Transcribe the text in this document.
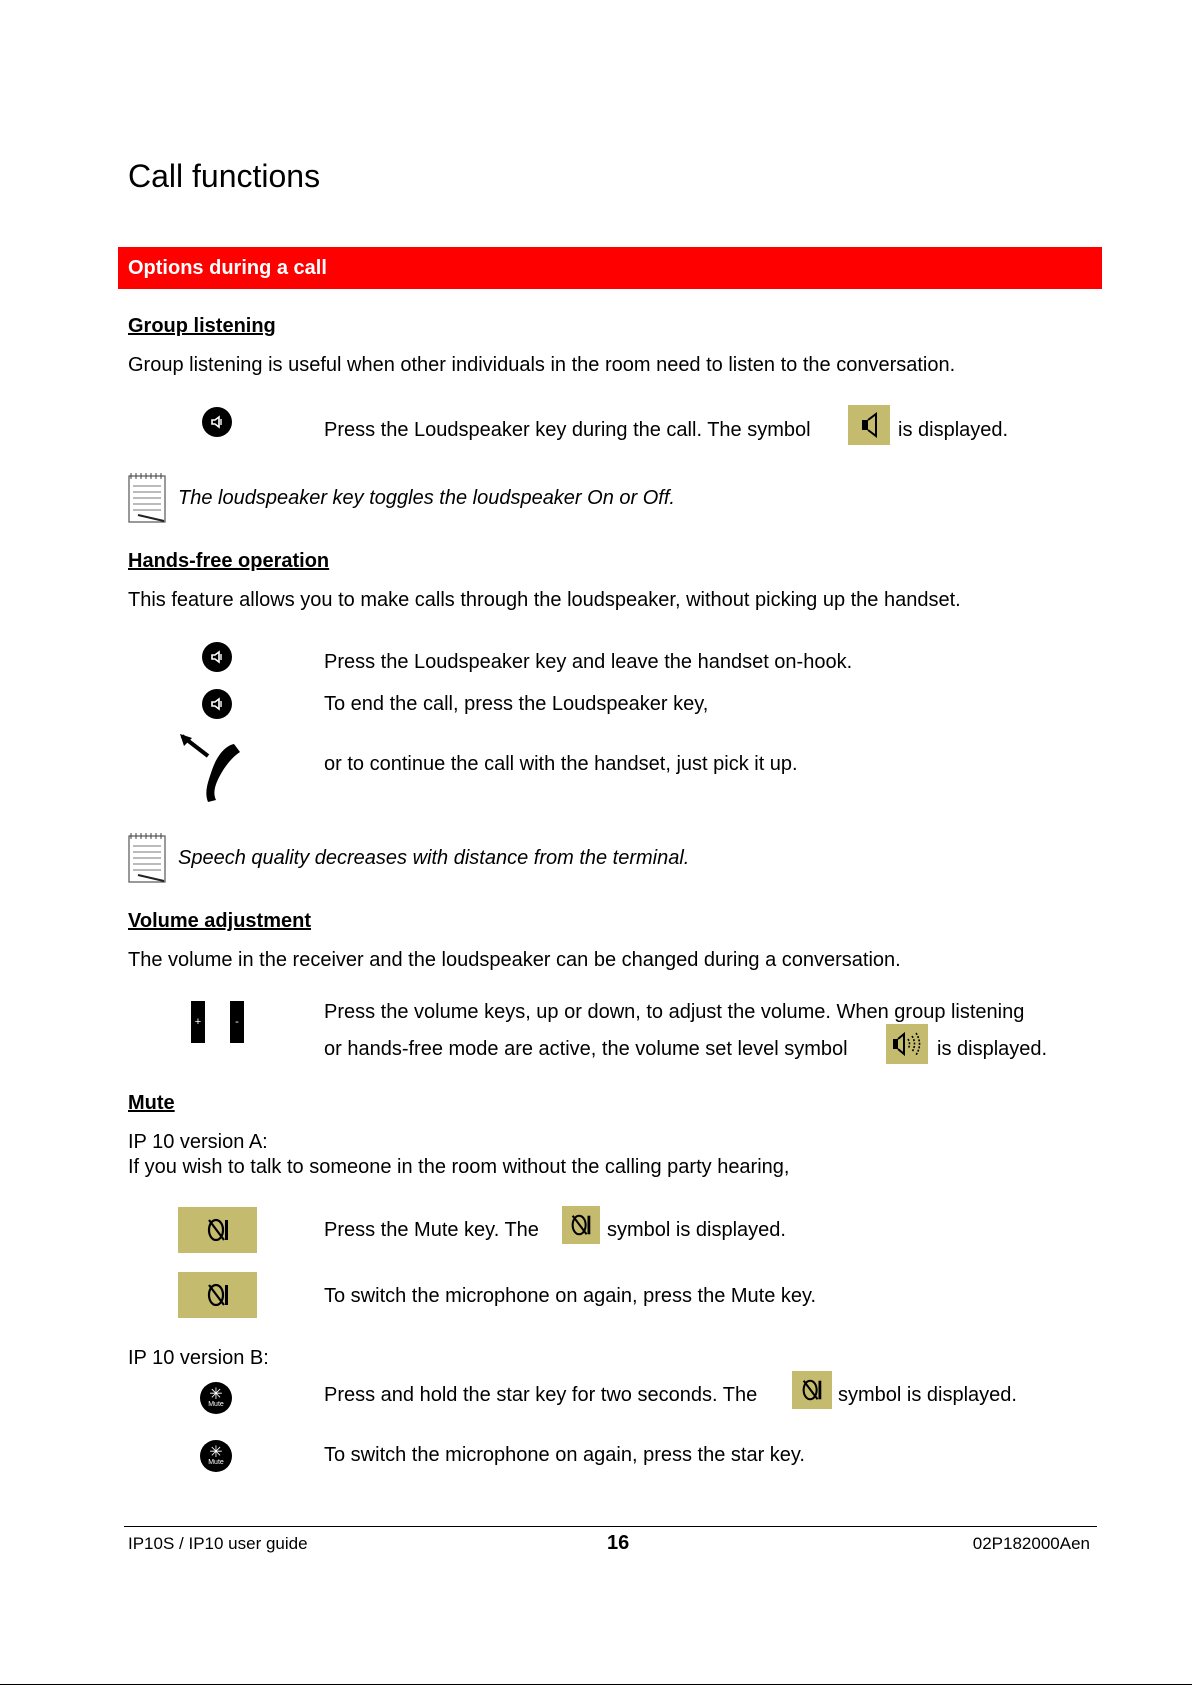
Call functions
Options during a call
Group listening
Group listening is useful when other individuals in the room need to listen to the conversation.
Press the Loudspeaker key during the call. The symbol	is displayed.
The loudspeaker key toggles the loudspeaker On or Off.
Hands-free operation
This feature allows you to make calls through the loudspeaker, without picking up the handset.
Press the Loudspeaker key and leave the handset on-hook.
To end the call, press the Loudspeaker key,
or to continue the call with the handset, just pick it up.
Speech quality decreases with distance from the terminal.
Volume adjustment
The volume in the receiver and the loudspeaker can be changed during a conversation.
+	-	Press the volume keys, up or down, to adjust the volume. When group listening
or hands-free mode are active, the volume set level symbol	is displayed.
Mute
IP 10 version A:
If you wish to talk to someone in the room without the calling party hearing,
Press the Mute key. The	symbol is displayed.
To switch the microphone on again, press the Mute key.
IP 10 version B:
✳
Mute	Press and hold the star key for two seconds. The	symbol is displayed.
✳
Mute	To switch the microphone on again, press the star key.
IP10S / IP10 user guide	16	02P182000Aen
